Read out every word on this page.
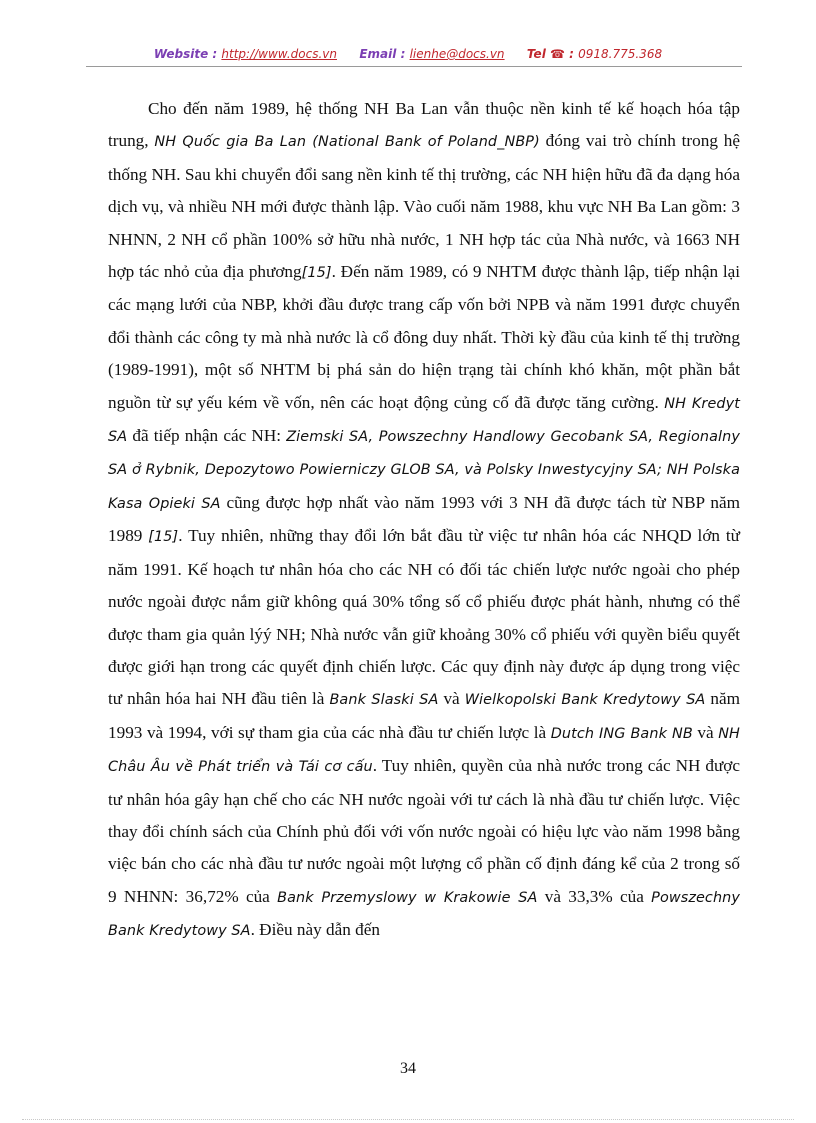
Website : http://www.docs.vn Email : lienhe@docs.vn Tel ☎ : 0918.775.368

Cho đến năm 1989, hệ thống NH Ba Lan vẫn thuộc nền kinh tế kế hoạch hóa tập trung, NH Quốc gia Ba Lan (National Bank of Poland_NBP) đóng vai trò chính trong hệ thống NH. Sau khi chuyển đổi sang nền kinh tế thị trường, các NH hiện hữu đã đa dạng hóa dịch vụ, và nhiều NH mới được thành lập. Vào cuối năm 1988, khu vực NH Ba Lan gồm: 3 NHNN, 2 NH cổ phần 100% sở hữu nhà nước, 1 NH hợp tác của Nhà nước, và 1663 NH hợp tác nhỏ của địa phương[15]. Đến năm 1989, có 9 NHTM được thành lập, tiếp nhận lại các mạng lưới của NBP, khởi đầu được trang cấp vốn bởi NPB và năm 1991 được chuyển đổi thành các công ty mà nhà nước là cổ đông duy nhất. Thời kỳ đầu của kinh tế thị trường (1989-1991), một số NHTM bị phá sản do hiện trạng tài chính khó khăn, một phần bắt nguồn từ sự yếu kém về vốn, nên các hoạt động củng cố đã được tăng cường. NH Kredyt SA đã tiếp nhận các NH: Ziemski SA, Powszechny Handlowy Gecobank SA, Regionalny SA ở Rybnik, Depozytowo Powierniczy GLOB SA, và Polsky Inwestycyjny SA; NH Polska Kasa Opieki SA cũng được hợp nhất vào năm 1993 với 3 NH đã được tách từ NBP năm 1989 [15]. Tuy nhiên, những thay đổi lớn bắt đầu từ việc tư nhân hóa các NHQD lớn từ năm 1991. Kế hoạch tư nhân hóa cho các NH có đối tác chiến lược nước ngoài cho phép nước ngoài được nắm giữ không quá 30% tổng số cổ phiếu được phát hành, nhưng có thể được tham gia quản lýý NH; Nhà nước vẫn giữ khoảng 30% cổ phiếu với quyền biểu quyết được giới hạn trong các quyết định chiến lược. Các quy định này được áp dụng trong việc tư nhân hóa hai NH đầu tiên là Bank Slaski SA và Wielkopolski Bank Kredytowy SA năm 1993 và 1994, với sự tham gia của các nhà đầu tư chiến lược là Dutch ING Bank NB và NH Châu Âu về Phát triển và Tái cơ cấu. Tuy nhiên, quyền của nhà nước trong các NH được tư nhân hóa gây hạn chế cho các NH nước ngoài với tư cách là nhà đầu tư chiến lược. Việc thay đổi chính sách của Chính phủ đối với vốn nước ngoài có hiệu lực vào năm 1998 bằng việc bán cho các nhà đầu tư nước ngoài một lượng cổ phần cố định đáng kể của 2 trong số 9 NHNN: 36,72% của Bank Przemyslowy w Krakowie SA và 33,3% của Powszechny Bank Kredytowy SA. Điều này dẫn đến

34
